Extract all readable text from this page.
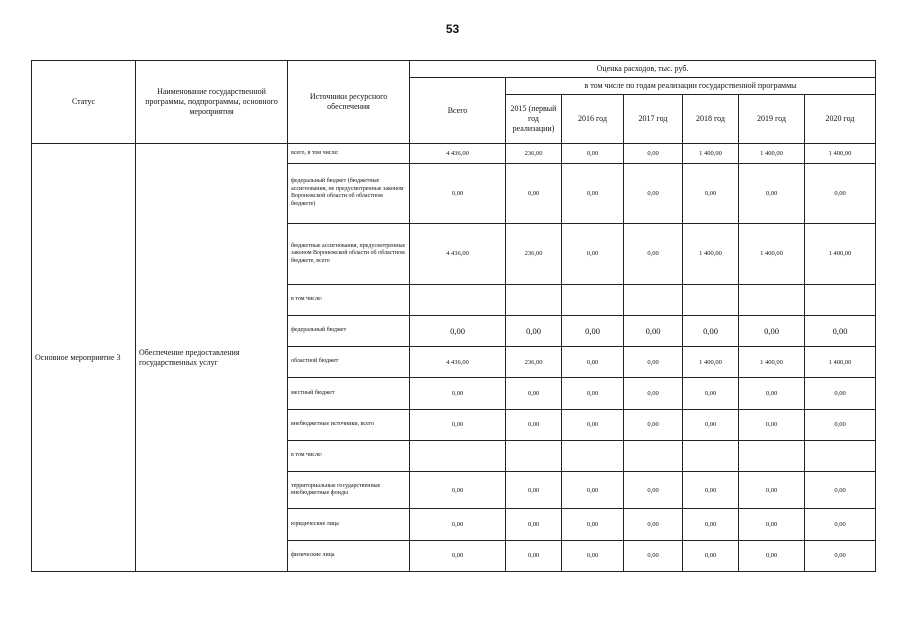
53
Статус	Наименование государственной программы, подпрограммы, основного мероприятия	Источники ресурсного обеспечения	Оценка расходов, тыс. руб.						
			Всего	в том числе по годам реализации государственной программы					
				2015 (первый год реализации)	2016 год	2017 год	2018 год	2019 год	2020 год
Основное мероприятие 3	Обеспечение предоставления государственных услуг	всего, в том числе:	4 436,00	236,00	0,00	0,00	1 400,00	1 400,00	1 400,00
		федеральный бюджет (бюджетные ассигнования, не предусмотренные законом Воронежской области об областном бюджете)	0,00	0,00	0,00	0,00	0,00	0,00	0,00
		бюджетные ассигнования, предусмотренные законом Воронежской области об областном бюджете, всего	4 436,00	236,00	0,00	0,00	1 400,00	1 400,00	1 400,00
		в том числе:							
		федеральный бюджет	0,00	0,00	0,00	0,00	0,00	0,00	0,00
		областной бюджет	4 436,00	236,00	0,00	0,00	1 400,00	1 400,00	1 400,00
		местный бюджет	0,00	0,00	0,00	0,00	0,00	0,00	0,00
		внебюджетные источники, всего	0,00	0,00	0,00	0,00	0,00	0,00	0,00
		в том числе:							
		территориальные государственные внебюджетные фонды	0,00	0,00	0,00	0,00	0,00	0,00	0,00
		юридические лица	0,00	0,00	0,00	0,00	0,00	0,00	0,00
		физические лица	0,00	0,00	0,00	0,00	0,00	0,00	0,00
